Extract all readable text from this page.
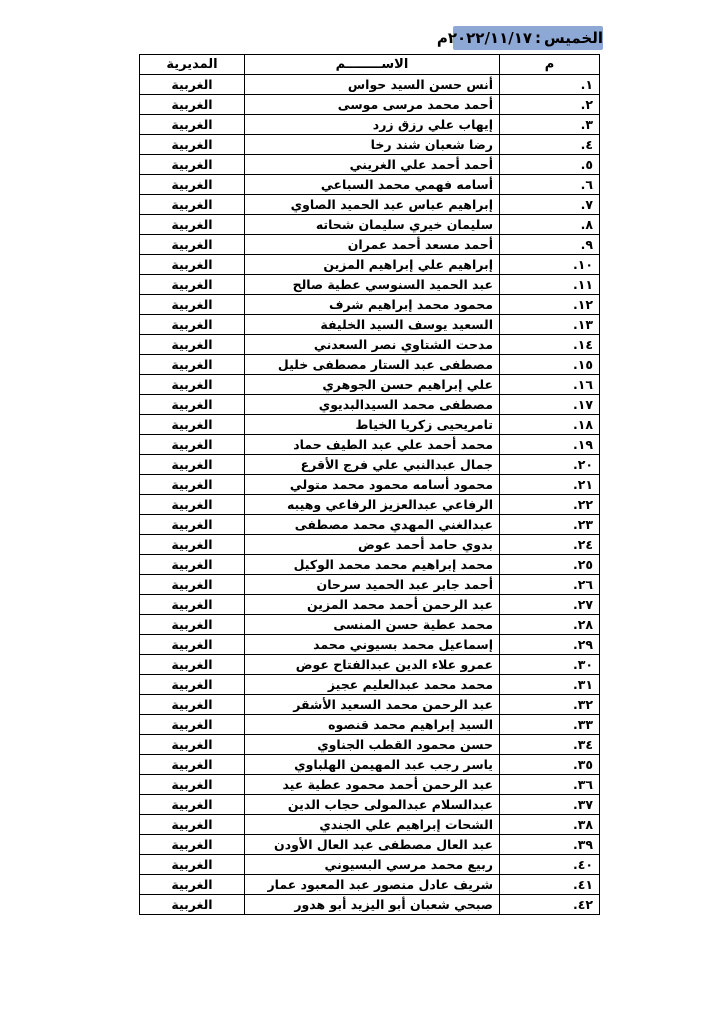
الخميس:٢٠٢٢/١١/١٧م
م	الاســــــــم	المديرية
١.	أنس حسن السيد حواس	الغربية
٢.	أحمد محمد مرسى موسى	الغربية
٣.	إيهاب علي رزق زرد	الغربية
٤.	رضا شعبان شند رخا	الغربية
٥.	أحمد أحمد علي الغريني	الغربية
٦.	أسامه فهمي محمد السباعي	الغربية
٧.	إبراهيم عباس عبد الحميد الصاوي	الغربية
٨.	سليمان خيري سليمان شحاته	الغربية
٩.	أحمد مسعد أحمد عمران	الغربية
١٠.	إبراهيم علي إبراهيم المزين	الغربية
١١.	عبد الحميد السنوسي عطية صالح	الغربية
١٢.	محمود محمد إبراهيم شرف	الغربية
١٣.	السعيد يوسف السيد الخليفة	الغربية
١٤.	مدحت الشتاوي نصر السعدني	الغربية
١٥.	مصطفى عبد الستار مصطفى خليل	الغربية
١٦.	علي إبراهيم حسن الجوهري	الغربية
١٧.	مصطفى محمد السيدالبديوي	الغربية
١٨.	تامريحيى زكريا الخياط	الغربية
١٩.	محمد أحمد علي عبد الطيف حماد	الغربية
٢٠.	جمال عبدالنبي علي فرج الأقرع	الغربية
٢١.	محمود أسامه محمود محمد متولي	الغربية
٢٢.	الرفاعي عبدالعزيز الرفاعي وهيبه	الغربية
٢٣.	عبدالغني المهدي محمد مصطفى	الغربية
٢٤.	بدوي حامد أحمد عوض	الغربية
٢٥.	محمد إبراهيم محمد محمد الوكيل	الغربية
٢٦.	أحمد جابر عبد الحميد سرحان	الغربية
٢٧.	عبد الرحمن أحمد محمد المزين	الغربية
٢٨.	محمد عطية حسن المنسى	الغربية
٢٩.	إسماعيل محمد بسيوني محمد	الغربية
٣٠.	عمرو علاء الدين عبدالفتاح عوض	الغربية
٣١.	محمد محمد عبدالعليم عجيز	الغربية
٣٢.	عبد الرحمن محمد السعيد الأشقر	الغربية
٣٣.	السيد إبراهيم محمد قنصوه	الغربية
٣٤.	حسن محمود القطب الجناوي	الغربية
٣٥.	ياسر رجب عبد المهيمن الهلباوي	الغربية
٣٦.	عبد الرحمن أحمد محمود عطية عيد	الغربية
٣٧.	عبدالسلام عبدالمولى حجاب الدين	الغربية
٣٨.	الشحات إبراهيم علي الجندي	الغربية
٣٩.	عبد العال مصطفى عبد العال الأودن	الغربية
٤٠.	ربيع محمد مرسي البسيوني	الغربية
٤١.	شريف عادل منصور عبد المعبود عمار	الغربية
٤٢.	صبحي شعبان أبو اليزيد أبو هدور	الغربية
